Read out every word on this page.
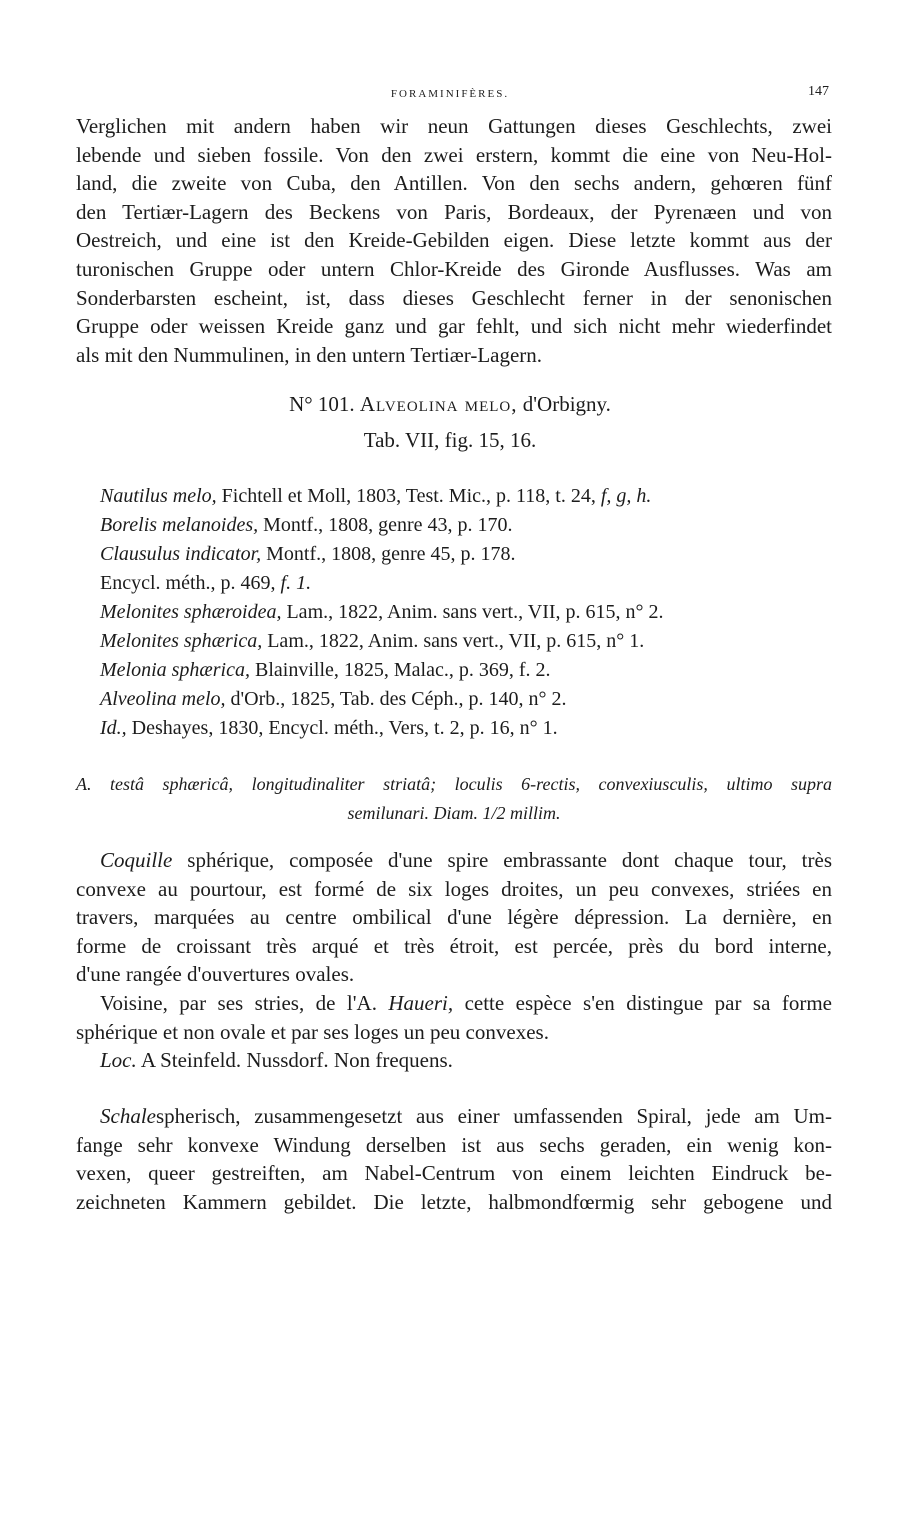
FORAMINIFÈRES.	147
Verglichen mit andern haben wir neun Gattungen dieses Geschlechts, zwei
lebende und sieben fossile. Von den zwei erstern, kommt die eine von Neu-Hol-
land, die zweite von Cuba, den Antillen. Von den sechs andern, gehœren fünf
den Tertiær-Lagern des Beckens von Paris, Bordeaux, der Pyrenæen und von
Oestreich, und eine ist den Kreide-Gebilden eigen. Diese letzte kommt aus der
turonischen Gruppe oder untern Chlor-Kreide des Gironde Ausflusses. Was am
Sonderbarsten escheint, ist, dass dieses Geschlecht ferner in der senonischen
Gruppe oder weissen Kreide ganz und gar fehlt, und sich nicht mehr wiederfindet
als mit den Nummulinen, in den untern Tertiær-Lagern.
N° 101. Alveolina melo, d'Orbigny.
Tab. VII, fig. 15, 16.
Nautilus melo, Fichtell et Moll, 1803, Test. Mic., p. 118, t. 24, f, g, h.
Borelis melanoides, Montf., 1808, genre 43, p. 170.
Clausulus indicator, Montf., 1808, genre 45, p. 178.
Encycl. méth., p. 469, f. 1.
Melonites sphæroidea, Lam., 1822, Anim. sans vert., VII, p. 615, n° 2.
Melonites sphærica, Lam., 1822, Anim. sans vert., VII, p. 615, n° 1.
Melonia sphærica, Blainville, 1825, Malac., p. 369, f. 2.
Alveolina melo, d'Orb., 1825, Tab. des Céph., p. 140, n° 2.
Id., Deshayes, 1830, Encycl. méth., Vers, t. 2, p. 16, n° 1.
A. testâ sphæricâ, longitudinaliter striatâ; loculis 6-rectis, convexiusculis, ultimo supra
semilunari. Diam. 1/2 millim.
Coquille sphérique, composée d'une spire embrassante dont chaque tour, très
convexe au pourtour, est formé de six loges droites, un peu convexes, striées en
travers, marquées au centre ombilical d'une légère dépression. La dernière, en
forme de croissant très arqué et très étroit, est percée, près du bord interne,
d'une rangée d'ouvertures ovales.
Voisine, par ses stries, de l'A. Haueri, cette espèce s'en distingue par sa forme
sphérique et non ovale et par ses loges un peu convexes.
Loc. A Steinfeld. Nussdorf. Non frequens.
Schalespherisch, zusammengesetzt aus einer umfassenden Spiral, jede am Um-
fange sehr konvexe Windung derselben ist aus sechs geraden, ein wenig kon-
vexen, queer gestreiften, am Nabel-Centrum von einem leichten Eindruck be-
zeichneten Kammern gebildet. Die letzte, halbmondfœrmig sehr gebogene und
